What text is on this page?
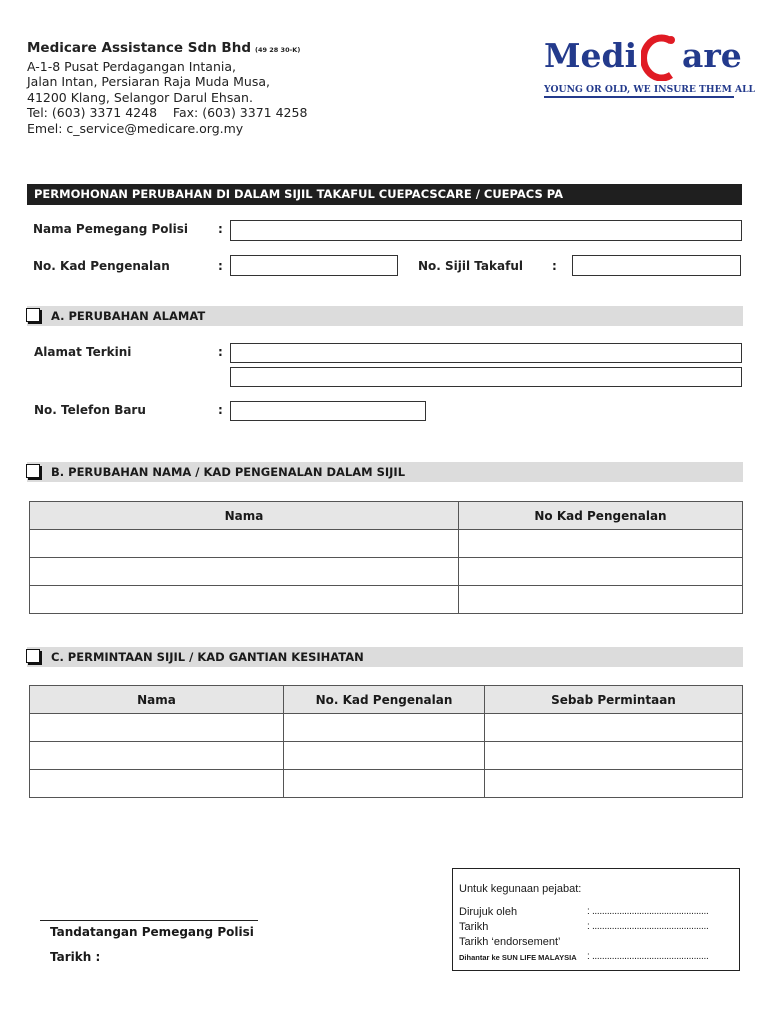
Medicare Assistance Sdn Bhd (49 28 30-K)
A-1-8 Pusat Perdagangan Intania,
Jalan Intan, Persiaran Raja Muda Musa,
41200 Klang, Selangor Darul Ehsan.
Tel: (603) 3371 4248    Fax: (603) 3371 4258
Emel: c_service@medicare.org.my
Medi are
YOUNG OR OLD, WE INSURE THEM ALL
PERMOHONAN PERUBAHAN DI DALAM SIJIL TAKAFUL CUEPACSCARE / CUEPACS PA
Nama Pemegang Polisi :
No. Kad Pengenalan	:	No. Sijil Takaful :
A. PERUBAHAN ALAMAT
Alamat Terkini	:
No. Telefon Baru	:
B. PERUBAHAN NAMA / KAD PENGENALAN DALAM SIJIL
Nama	No Kad Pengenalan

C. PERMINTAAN SIJIL / KAD GANTIAN KESIHATAN
Nama	No. Kad Pengenalan	Sebab Permintaan

Tandatangan Pemegang Polisi
Tarikh :
Untuk kegunaan pejabat:
Dirujuk oleh	: ...............................................
Tarikh	: ...............................................
Tarikh ‘endorsement’
Dihantar ke SUN LIFE MALAYSIA : ...............................................
